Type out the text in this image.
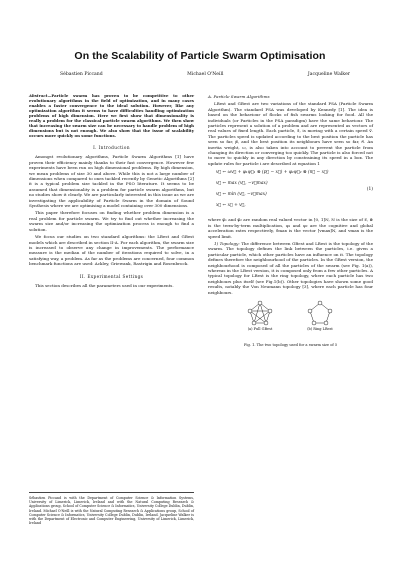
On the Scalability of Particle Swarm Optimisation
Sébastien Piccand	Michael O'Neill	Jacqueline Walker
Abstract—Particle swarm has proven to be competitive to other evolutionary algorithms in the field of optimization, and in many cases enables a faster convergence to the ideal solution. However, like any optimization algorithm it seems to have difficulties handling optimization problems of high dimension. Here we first show that dimensionality is really a problem for the classical particle swarm algorithms. We then show that increasing the swarm size can be necessary to handle problem of high dimensions but is not enough. We also show that the issue of scalability occurs more quickly on some functions.
I. Introduction

Amongst evolutionary algorithms, Particle Swarm Algorithms [1] have proven their efficiency mainly thanks to their fast convergence. However few experiments have been run on high dimensional problems. By high dimension, we mean problems of size 30 and above. While this is not a large number of dimensions when compared to ones tackled recently by Genetic Algorithms [2] it is a typical problem size tackled in the PSO literature. It seems to be assumed that dimensionality is a problem for particle swarm algorithms, but no studies show it clearly. We are particularly interested in this issue as we are investigating the applicability of Particle Swarm in the domain of Sound Synthesis where we are optimising a model containing over 300 dimensions.

This paper therefore focuses on finding whether problem dimension is a real problem for particle swarm. We try to find out whether increasing the swarm size and/or increasing the optimization process is enough to find a solution.

We focus our studies on two standard algorithms: the LBest and GBest models which are described in section II-A. For each algorithm, the swarm size is increased to observe any change in improvements. The performance measure is the median of the number of iterations required to solve, in a satisfying way, a problem. As far as the problems are concerned, four common benchmark functions are used: Ackley, Griewank, Rastrigin and Rosenbrock.

II. Experimental Settings

This section describes all the parameters used in our experiments.

Sébastien Piccand is with the Department of Computer Science & Information Systems, University of Limerick, Limerick, Ireland and with the Natural Computing Research & Applications group, School of Computer Science & Informatics, University College Dublin, Dublin, Ireland. Michael O'Neill is with the Natural Computing Research & Applications group, School of Computer Science & Informatics, University College Dublin, Dublin, Ireland. Jacqueline Walker is with the Department of Electronic and Computer Engineering, University of Limerick, Limerick, Ireland
A. Particle Swarm Algorithms

LBest and GBest are two variations of the standard PSA (Particle Swarm Algorithm). The standard PSA was developed by Kennedy [1]. The idea is based on the behaviour of flocks of fish swarms looking for food. All the individuals (or Particles in the PSA paradigm) have the same behaviour. The particles represent a solution of a problem and are represented as vectors of real values of fixed length. Each particle, x⃗, is moving with a certain speed v⃗. The particles speed is updated according to the best position the particle has seen so far, p⃗, and the best position its neighbours have seen so far, n⃗. An inertia weight, ω, is also taken into account to prevent the particle from changing its direction or converging too quickly. The particle is also forced not to move to quickly in any direction by constraining its speed in a box. The update rules for particle i are described at equation 1

v⃗ ← ωv⃗ + φ₁ψ⃗₁ ⊗ (p⃗ − x⃗) + φ₂ψ⃗₂ ⊗ (n⃗ − x⃗)
v⃗ ← max (v⃗, −v⃗max)
v⃗ ← min (v⃗, −v⃗max)
x⃗ ← x⃗ + v⃗,
(1)

where ψ⃗₁ and ψ⃗₂ are random real valued vector in [0, 1]N, N is the size of x⃗, ⊗ is the term-by-term multiplication, φ₁ and φ₂ are the cognitive and global acceleration rates respectively, v⃗max is the vector [vmax]N, and vmax is the speed limit.

1) Topology: The difference between GBest and LBest is the topology of the swarm. The topology defines the link between the particles, i.e. given a particular particle, which other particles have an influence on it. The topology defines therefore the neighbourhood of the particles. In the GBest version, the neighbourhood is composed of all the particles of the swarm (see Fig. 1(a)), whereas in the LBest version, it is composed only from a few other particles. A typical topology for LBest is the ring topology, where each particle has two neighbours plus itself (see Fig.1(b)). Other topologies have shown some good results, notably the Von Neumann topology [3], where each particle has four neighbours.

(a) Full GBest	(b) Ring LBest
Fig. 1. The two topology used for a swarm size of 5
